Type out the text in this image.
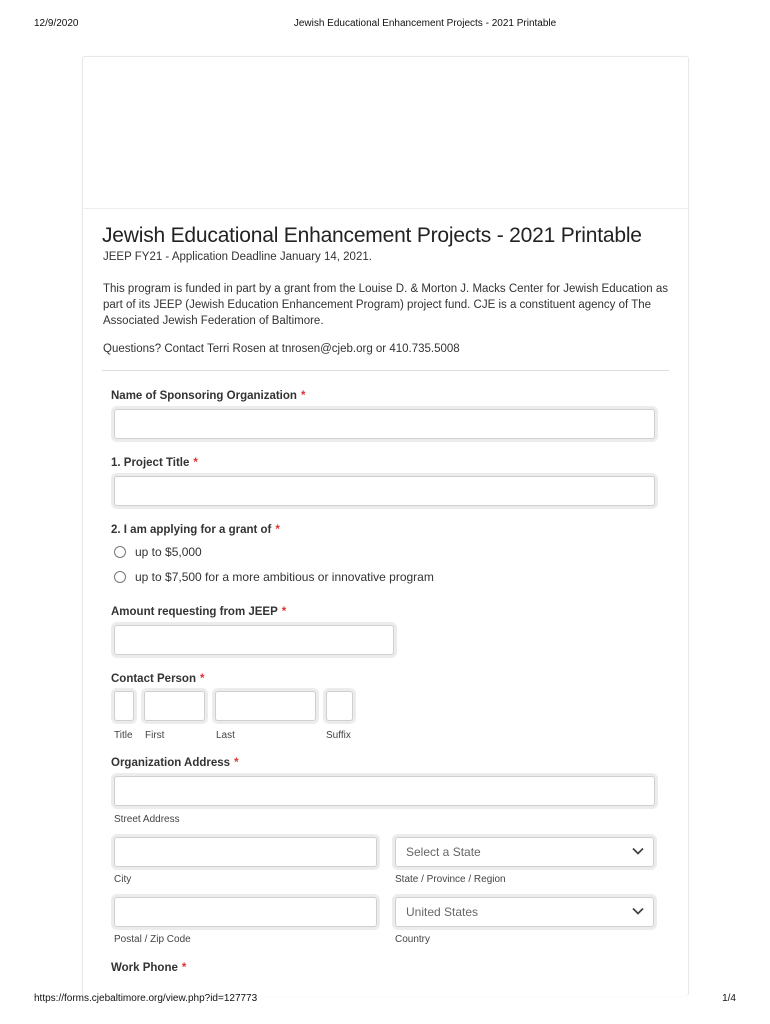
12/9/2020	Jewish Educational Enhancement Projects - 2021 Printable
Jewish Educational Enhancement Projects - 2021 Printable
JEEP FY21 - Application Deadline January 14, 2021.
This program is funded in part by a grant from the Louise D. & Morton J. Macks Center for Jewish Education as part of its JEEP (Jewish Education Enhancement Program) project fund. CJE is a constituent agency of The Associated Jewish Federation of Baltimore.
Questions? Contact Terri Rosen at tnrosen@cjeb.org or 410.735.5008
Name of Sponsoring Organization *
1. Project Title *
2. I am applying for a grant of *
up to $5,000
up to $7,500 for a more ambitious or innovative program
Amount requesting from JEEP *
Contact Person *
Title First	Last	Suffix
Organization Address *
Street Address
Select a State
City	State / Province / Region
United States
Postal / Zip Code	Country
Work Phone *
https://forms.cjebaltimore.org/view.php?id=127773	1/4
